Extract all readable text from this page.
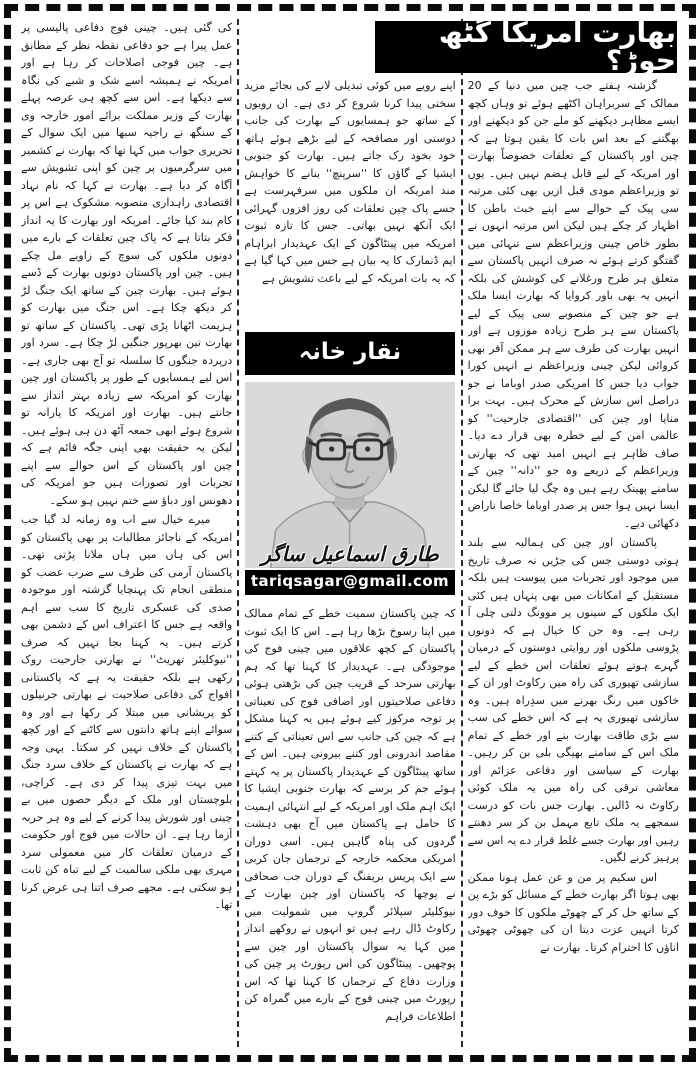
بھارت امریکا گٹھ جوڑ؟

گزشتہ ہفتے جب چین میں دنیا کے 20 ممالک کے سربراہان اکٹھے ہوئے تو وہاں کچھ ایسے مظاہر دیکھنے کو ملے جن کو دیکھنے اور بھگتنے کے بعد اس بات کا یقین ہوتا ہے کہ چین اور پاکستان کے تعلقات خصوصاً بھارت اور امریکہ کے لیے قابل ہضم نہیں ہیں۔ یوں تو وزیراعظم مودی قبل ازیں بھی کئی مرتبہ سی پیک کے حوالے سے اپنے خبث باطن کا اظہار کر چکے ہیں لیکن اس مرتبہ انہوں نے بطور خاص چینی وزیراعظم سے تنہائی میں گفتگو کرتے ہوئے نہ صرف انہیں پاکستان سے متعلق ہر طرح ورغلانے کی کوشش کی بلکہ انہیں یہ بھی باور کروایا کہ بھارت ایسا ملک ہے جو چین کے منصوبے سی پیک کے لیے پاکستان سے ہر طرح زیادہ موزوں ہے اور انہیں بھارت کی طرف سے ہر ممکن آفر بھی کروائی لیکن چینی وزیراعظم نے انہیں کورا جواب دیا جس کا امریکی صدر اوباما نے جو دراصل اس سازش کے محرک ہیں۔ بہت برا منایا اور چین کی ''اقتصادی جارحیت'' کو عالمی امن کے لیے خطرہ بھی قرار دے دیا۔ صاف ظاہر ہے انہیں امید تھی کہ بھارتی وزیراعظم کے ذریعے وہ جو ''دانہ'' چین کے سامنے پھینک رہے ہیں وہ چگ لیا جائے گا لیکن ایسا نہیں ہوا جس پر صدر اوباما خاصا ناراض دکھائی دیے۔

پاکستان اور چین کی ہمالیہ سے بلند ہوتی دوستی جس کی جڑیں نہ صرف تاریخ میں موجود اور تجربات میں پیوست ہیں بلکہ مستقبل کے امکانات میں بھی پنہاں ہیں کئی ایک ملکوں کے سینوں پر موونگ دلتی چلی آ رہی ہے۔ وہ جن کا خیال ہے کہ دونوں پڑوسی ملکوں اور روایتی دوستوں کے درمیان گہرے ہوتے ہوئے تعلقات اس خطے کے لیے سازشی تھیوری کی راہ میں رکاوٹ اور ان کے خاکوں میں رنگ بھرنے میں سدِراہ ہیں۔ وہ سازشی تھیوری یہ ہے کہ اس خطے کی سب سے بڑی طاقت بھارت بنے اور خطے کے تمام ملک اس کے سامنے بھیگی بلی بن کر رہیں۔ بھارت کے سیاسی اور دفاعی عزائم اور معاشی ترقی کی راہ میں یہ ملک کوئی رکاوٹ نہ ڈالیں۔ بھارت جس بات کو درست سمجھے یہ ملک تابع مہمل بن کر سر دھنتے رہیں اور بھارت جسے غلط قرار دے یہ اس سے پرہیز کرنے لگیں۔

اس سکیم پر من و عن عمل ہونا ممکن بھی ہوتا اگر بھارت خطے کے مسائل کو بڑے پن کے ساتھ حل کر کے چھوٹے ملکوں کا خوف دور کرتا انہیں عزت دیتا ان کی چھوٹی چھوٹی اناؤں کا احترام کرتا۔ بھارت نے

اپنے رویے میں کوئی تبدیلی لانے کی بجائے مزید سختی پیدا کرنا شروع کر دی ہے۔ ان رویوں کے ساتھ جو ہمسایوں کے بھارت کی جانب دوستی اور مصافحہ کے لیے بڑھے ہوئے ہاتھ خود بخود رک جاتے ہیں۔ بھارت کو جنوبی ایشیا کے گاؤں کا ''سرپنچ'' بنانے کا خواہش مند امریکہ ان ملکوں میں سرفہرست ہے جسے پاک چین تعلقات کی روز افزوں گہرائی ایک آنکھ نہیں بھاتی۔ جس کا تازہ ثبوت امریکہ میں پینٹاگون کے ایک عہدیدار ابراہام ایم ڈنمارک کا یہ بیان ہے جس میں کہا گیا ہے کہ یہ بات امریکہ کے لیے باعث تشویش ہے

نقار خانہ
طارق اسماعیل ساگر
tariqsagar@gmail.com

کہ چین پاکستان سمیت خطے کے تمام ممالک میں اپنا رسوخ بڑھا رہا ہے۔ اس کا ایک ثبوت پاکستان کے کچھ علاقوں میں چینی فوج کی موجودگی ہے۔ عہدیدار کا کہنا تھا کہ ہم بھارتی سرحد کے قریب چین کی بڑھتی ہوئی دفاعی صلاحیتوں اور اضافی فوج کی تعیناتی پر توجہ مرکوز کیے ہوئے ہیں یہ کہنا مشکل ہے کہ چین کی جانب سے اس تعیناتی کے کتنے مقاصد اندرونی اور کتنے بیرونی ہیں۔ اس کے ساتھ پینٹاگون کے عہدیدار پاکستان پر یہ کہتے ہوئے جم کر برسے کہ بھارت جنوبی ایشیا کا ایک اہم ملک اور امریکہ کے لیے انتہائی اہمیت کا حامل ہے پاکستان میں آج بھی دہشت گردوں کی پناہ گاہیں ہیں۔ اسی دوران امریکی محکمہ خارجہ کے ترجمان جان کربی سے ایک پریس بریفنگ کے دوران جب صحافی نے پوچھا کہ پاکستان اور چین بھارت کے نیوکلیئر سپلائر گروپ میں شمولیت میں رکاوٹ ڈال رہے ہیں تو انہوں نے روکھے انداز میں کہا یہ سوال پاکستان اور چین سے پوچھیں۔ پینٹاگون کی اس رپورٹ پر چین کی وزارت دفاع کے ترجمان کا کہنا تھا کہ اس رپورٹ میں چینی فوج کے بارے میں گمراہ کن اطلاعات فراہم

کی گئی ہیں۔ چینی فوج دفاعی پالیسی پر عمل پیرا ہے جو دفاعی نقطہ نظر کے مطابق ہے۔ چین فوجی اصلاحات کر رہا ہے اور امریکہ نے ہمیشہ اسے شک و شبے کی نگاہ سے دیکھا ہے۔ اس سے کچھ ہی عرصہ پہلے بھارت کے وزیر مملکت برائے امور خارجہ وی کے سنگھ نے راجیہ سبھا میں ایک سوال کے تحریری جواب میں کہا تھا کہ بھارت نے کشمیر میں سرگرمیوں پر چین کو اپنی تشویش سے آگاہ کر دیا ہے۔ بھارت نے کہا کہ نام نہاد اقتصادی راہداری منصوبہ مشکوک ہے اس پر کام بند کیا جائے۔ امریکہ اور بھارت کا یہ انداز فکر بتاتا ہے کہ پاک چین تعلقات کے بارے میں دونوں ملکوں کی سوچ کے زاویے مل چکے ہیں۔ چین اور پاکستان دونوں بھارت کے ڈسے ہوئے ہیں۔ بھارت چین کے ساتھ ایک جنگ لڑ کر دیکھ چکا ہے۔ اس جنگ میں بھارت کو ہزیمت اٹھانا پڑی تھی۔ پاکستان کے ساتھ تو بھارت تین بھرپور جنگیں لڑ چکا ہے۔ سرد اور درپردہ جنگوں کا سلسلہ تو آج بھی جاری ہے۔ اس لیے ہمسایوں کے طور پر پاکستان اور چین بھارت کو امریکہ سے زیادہ بہتر انداز سے جانتے ہیں۔ بھارت اور امریکہ کا یارانہ تو شروع ہوئے ابھی جمعہ آٹھ دن ہی ہوئے ہیں۔ لیکن یہ حقیقت بھی اپنی جگہ قائم ہے کہ چین اور پاکستان کے اس حوالے سے اپنے تجربات اور تصورات ہیں جو امریکہ کی دھونس اور دباؤ سے ختم نہیں ہو سکے۔

میرے خیال سے اب وہ زمانہ لد گیا جب امریکہ کے ناجائز مطالبات پر بھی پاکستان کو اس کی ہاں میں ہاں ملانا پڑتی تھی۔ پاکستان آرمی کی طرف سے ضرب عضب کو منطقی انجام تک پہنچایا گزشتہ اور موجودہ صدی کی عسکری تاریخ کا سب سے اہم واقعہ ہے جس کا اعتراف اس کے دشمن بھی کرتے ہیں۔ یہ کہنا بجا نہیں کہ صرف ''نیوکلیئر تھریٹ'' نے بھارتی جارحیت روک رکھی ہے بلکہ حقیقت یہ ہے کہ پاکستانی افواج کی دفاعی صلاحیت نے بھارتی جرنیلوں کو پریشانی میں مبتلا کر رکھا ہے اور وہ سوائے اپنے ہاتھ دانتوں سے کاٹنے کے اور کچھ پاکستان کے خلاف نہیں کر سکتا۔ یہی وجہ ہے کہ بھارت نے پاکستان کے خلاف سرد جنگ میں بہت تیزی پیدا کر دی ہے۔ کراچی، بلوچستان اور ملک کے دیگر حصوں میں بے چینی اور شورش پیدا کرنے کے لیے وہ ہر حربہ آزما رہا ہے۔ ان حالات میں فوج اور حکومت کے درمیان تعلقات کار میں معمولی سرد مہری بھی ملکی سالمیت کے لیے تباہ کن ثابت ہو سکتی ہے۔ مجھے صرف اتنا ہی عرض کرنا تھا۔
